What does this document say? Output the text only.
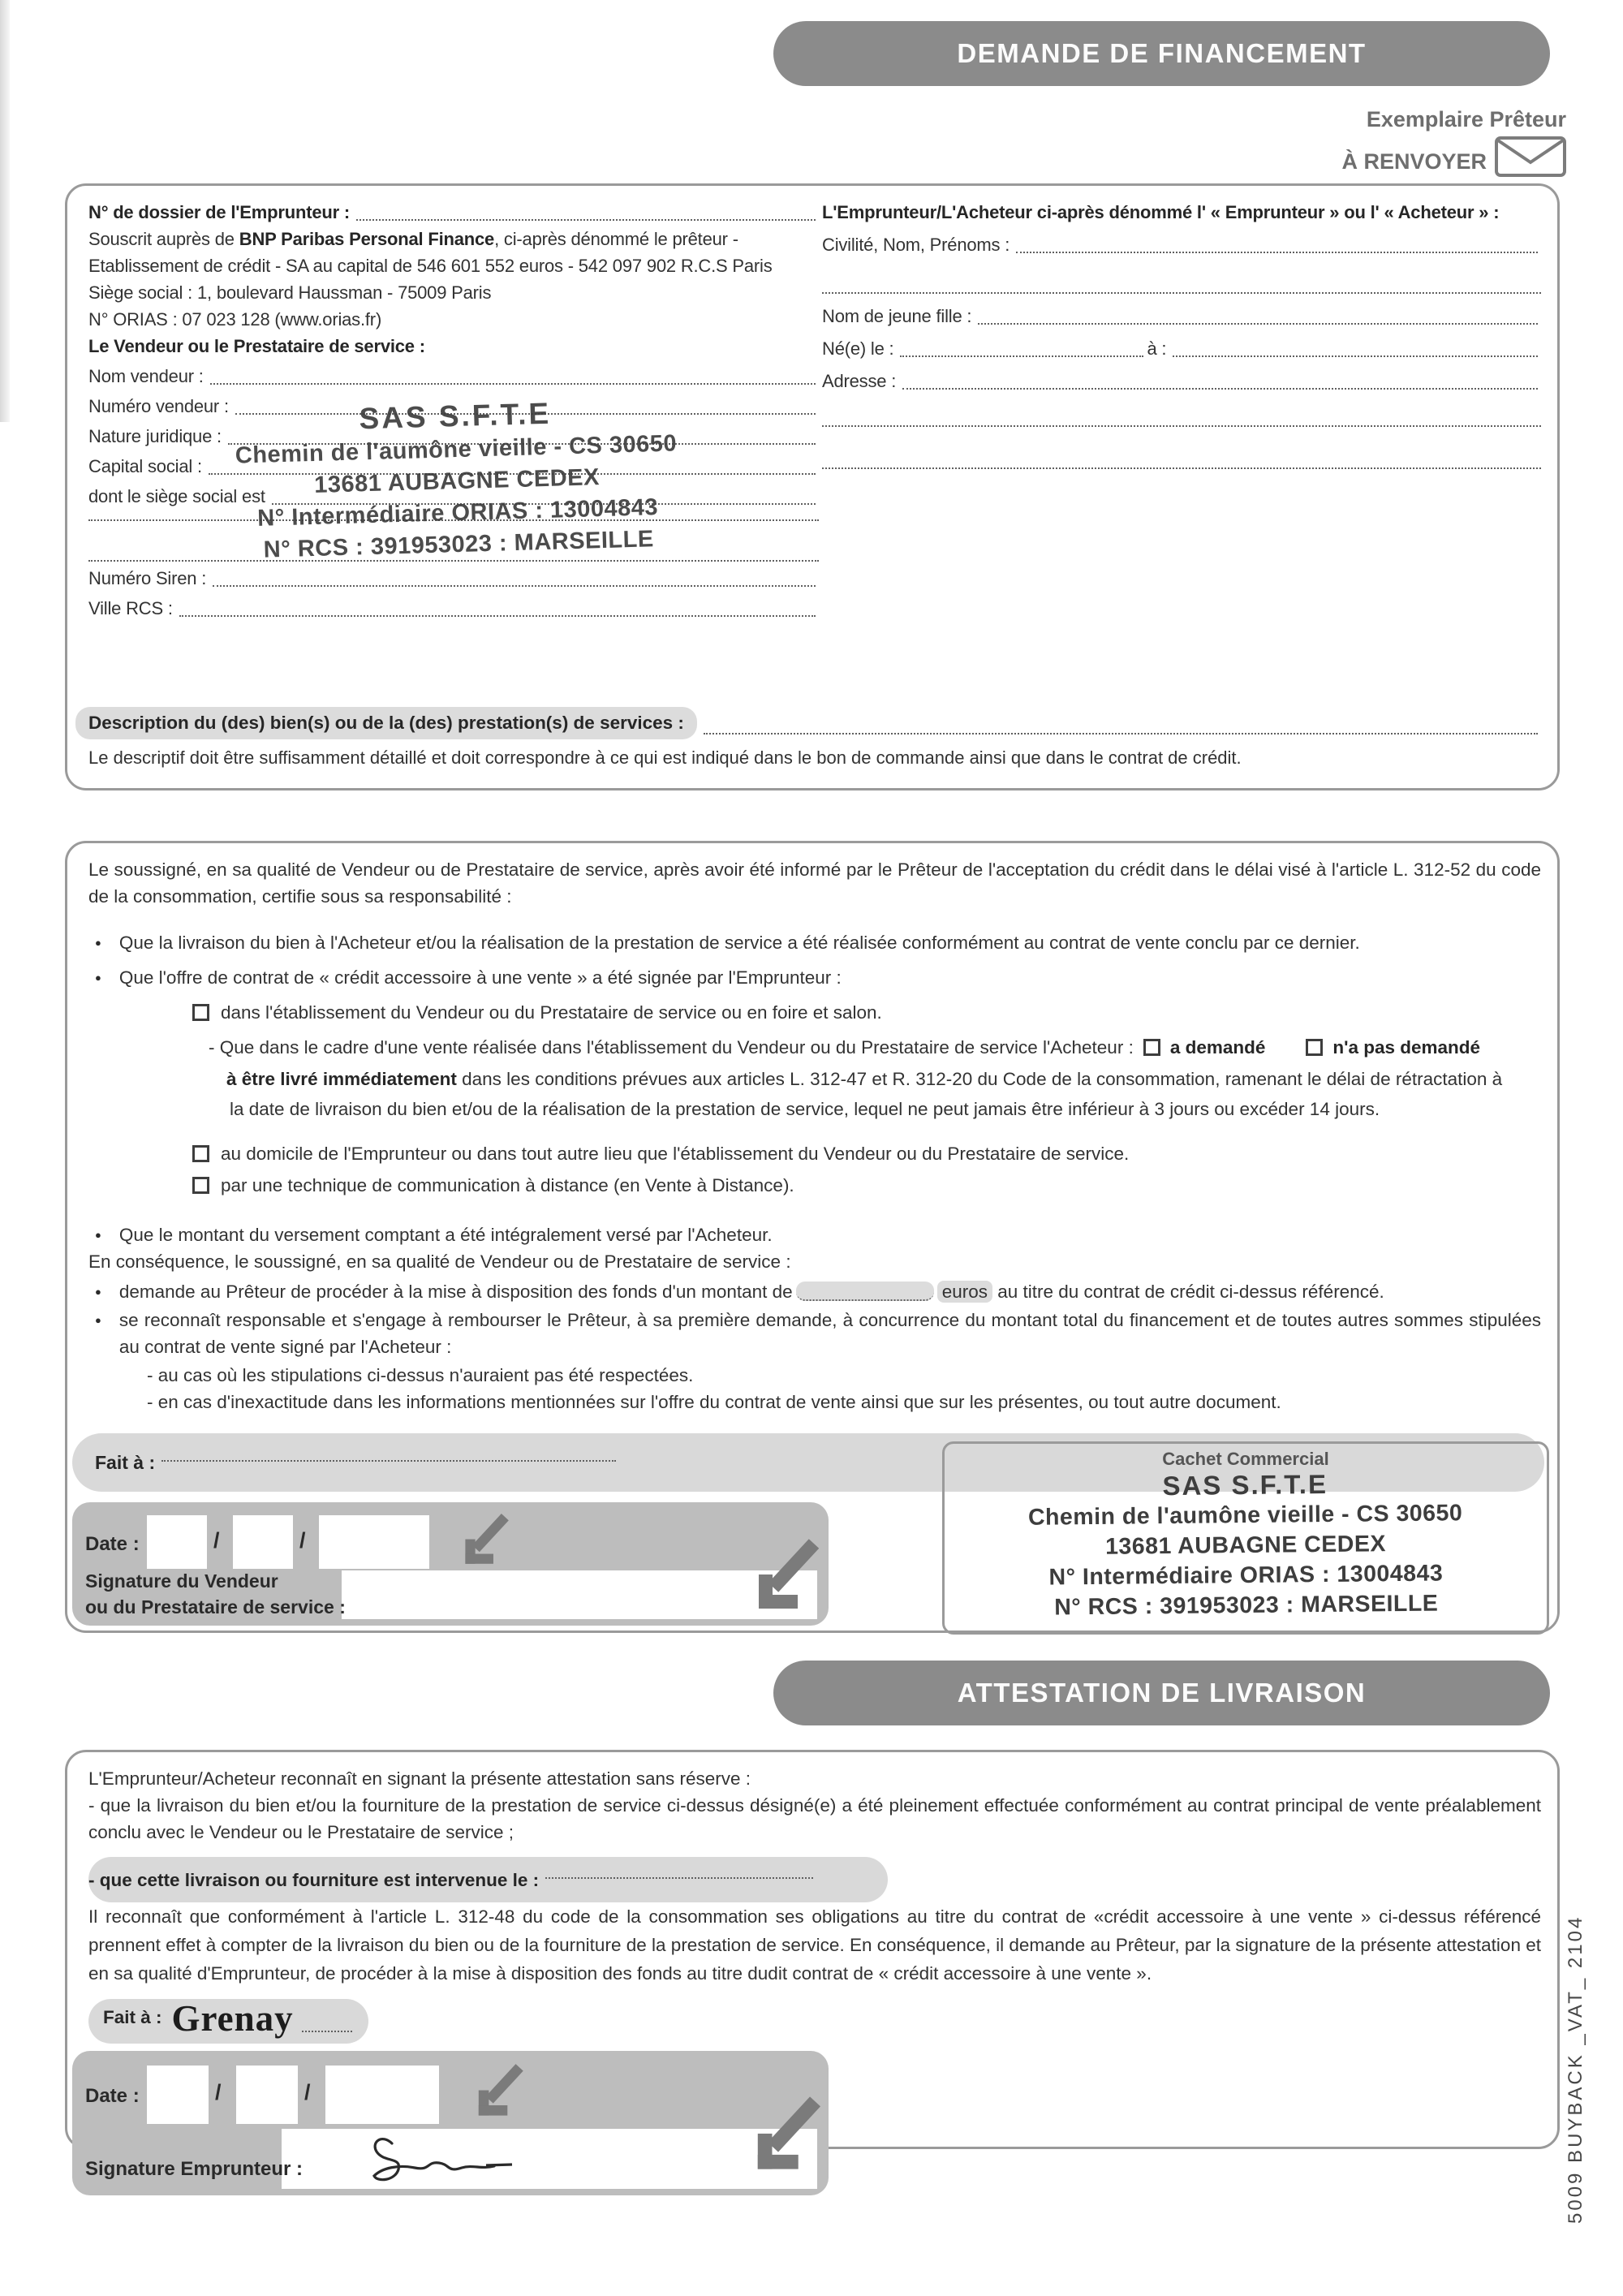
DEMANDE DE FINANCEMENT
Exemplaire Prêteur
À RENVOYER
N° de dossier de l'Emprunteur :

Souscrit auprès de BNP Paribas Personal Finance, ci-après dénommé le prêteur -

Etablissement de crédit - SA au capital de 546 601 552 euros - 542 097 902 R.C.S Paris

Siège social : 1, boulevard Haussman - 75009 Paris

N° ORIAS : 07 023 128 (www.orias.fr)

Le Vendeur ou le Prestataire de service :

Nom vendeur :
Numéro vendeur :
Nature juridique :
Capital social :
dont le siège social est
Numéro Siren :
Ville RCS :
SAS S.F.T.E
Chemin de l'aumône vieille - CS 30650
13681 AUBAGNE CEDEX
N° Intermédiaire ORIAS : 13004843
N° RCS : 391953023 : MARSEILLE

L'Emprunteur/L'Acheteur ci-après dénommé l' « Emprunteur » ou l' « Acheteur » :

Civilité, Nom, Prénoms :
Nom de jeune fille :
Né(e) le :	à :
Adresse :
Description du (des) bien(s) ou de la (des) prestation(s) de services :

Le descriptif doit être suffisamment détaillé et doit correspondre à ce qui est indiqué dans le bon de commande ainsi que dans le contrat de crédit.

Le soussigné, en sa qualité de Vendeur ou de Prestataire de service, après avoir été informé par le Prêteur de l'acceptation du crédit dans le délai visé à l'article L. 312-52 du code de la consommation, certifie sous sa responsabilité :

● Que la livraison du bien à l'Acheteur et/ou la réalisation de la prestation de service a été réalisée conformément au contrat de vente conclu par ce dernier.
● Que l'offre de contrat de « crédit accessoire à une vente » a été signée par l'Emprunteur :
dans l'établissement du Vendeur ou du Prestataire de service ou en foire et salon.
- Que dans le cadre d'une vente réalisée dans l'établissement du Vendeur ou du Prestataire de service l'Acheteur : a demandé	n'a pas demandé
à être livré immédiatement dans les conditions prévues aux articles L. 312-47 et R. 312-20 du Code de la consommation, ramenant le délai de rétractation à
la date de livraison du bien et/ou de la réalisation de la prestation de service, lequel ne peut jamais être inférieur à 3 jours ou excéder 14 jours.
au domicile de l'Emprunteur ou dans tout autre lieu que l'établissement du Vendeur ou du Prestataire de service.
par une technique de communication à distance (en Vente à Distance).
● Que le montant du versement comptant a été intégralement versé par l'Acheteur.

En conséquence, le soussigné, en sa qualité de Vendeur ou de Prestataire de service :

● demande au Prêteur de procéder à la mise à disposition des fonds d'un montant de	euros au titre du contrat de crédit ci-dessus référencé.
● se reconnaît responsable et s'engage à rembourser le Prêteur, à sa première demande, à concurrence du montant total du financement et de toutes autres sommes stipulées au contrat de vente signé par l'Acheteur :
- au cas où les stipulations ci-dessus n'auraient pas été respectées.
- en cas d'inexactitude dans les informations mentionnées sur l'offre du contrat de vente ainsi que sur les présentes, ou tout autre document.
Fait à :	Cachet Commercial
SAS S.F.T.E
Chemin de l'aumône vieille - CS 30650
13681 AUBAGNE CEDEX
N° Intermédiaire ORIAS : 13004843
N° RCS : 391953023 : MARSEILLE
Date :	/	/
Signature du Vendeur
ou du Prestataire de service :
ATTESTATION DE LIVRAISON

L'Emprunteur/Acheteur reconnaît en signant la présente attestation sans réserve :

- que la livraison du bien et/ou la fourniture de la prestation de service ci-dessus désigné(e) a été pleinement effectuée conformément au contrat principal de vente préalablement conclu avec le Vendeur ou le Prestataire de service ;

- que cette livraison ou fourniture est intervenue le :

Il reconnaît que conformément à l'article L. 312-48 du code de la consommation ses obligations au titre du contrat de «crédit accessoire à une vente » ci-dessus référencé prennent effet à compter de la livraison du bien ou de la fourniture de la prestation de service. En conséquence, il demande au Prêteur, par la signature de la présente attestation et en sa qualité d'Emprunteur, de procéder à la mise à disposition des fonds au titre dudit contrat de « crédit accessoire à une vente ».

Fait à : Grenay
Date :	/	/
Signature Emprunteur :	5009 BUYBACK _VAT_ 2104
